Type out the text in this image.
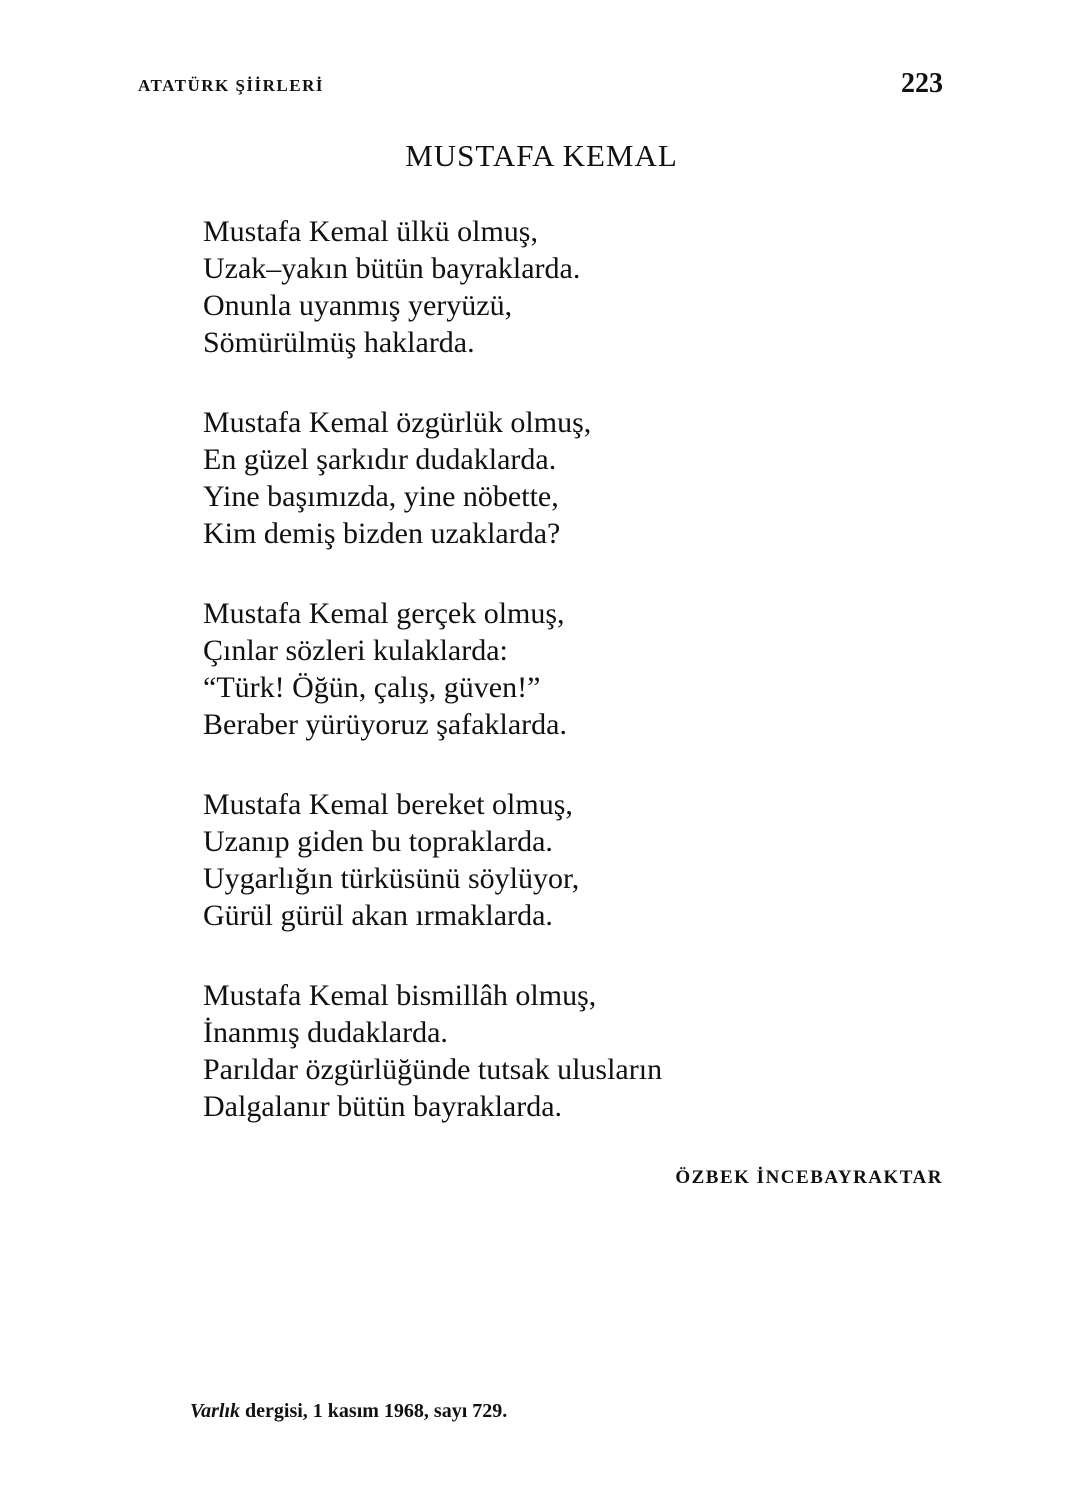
ATATÜRK ŞİİRLERİ	223
MUSTAFA KEMAL
Mustafa Kemal ülkü olmuş,
Uzak–yakın bütün bayraklarda.
Onunla uyanmış yeryüzü,
Sömürülmüş haklarda.
Mustafa Kemal özgürlük olmuş,
En güzel şarkıdır dudaklarda.
Yine başımızda, yine nöbette,
Kim demiş bizden uzaklarda?
Mustafa Kemal gerçek olmuş,
Çınlar sözleri kulaklarda:
“Türk! Öğün, çalış, güven!”
Beraber yürüyoruz şafaklarda.
Mustafa Kemal bereket olmuş,
Uzanıp giden bu topraklarda.
Uygarlığın türküsünü söylüyor,
Gürül gürül akan ırmaklarda.
Mustafa Kemal bismillâh olmuş,
İnanmış dudaklarda.
Parıldar özgürlüğünde tutsak ulusların
Dalgalanır bütün bayraklarda.
ÖZBEK İNCEBAYRAKTAR
Varlık dergisi, 1 kasım 1968, sayı 729.
